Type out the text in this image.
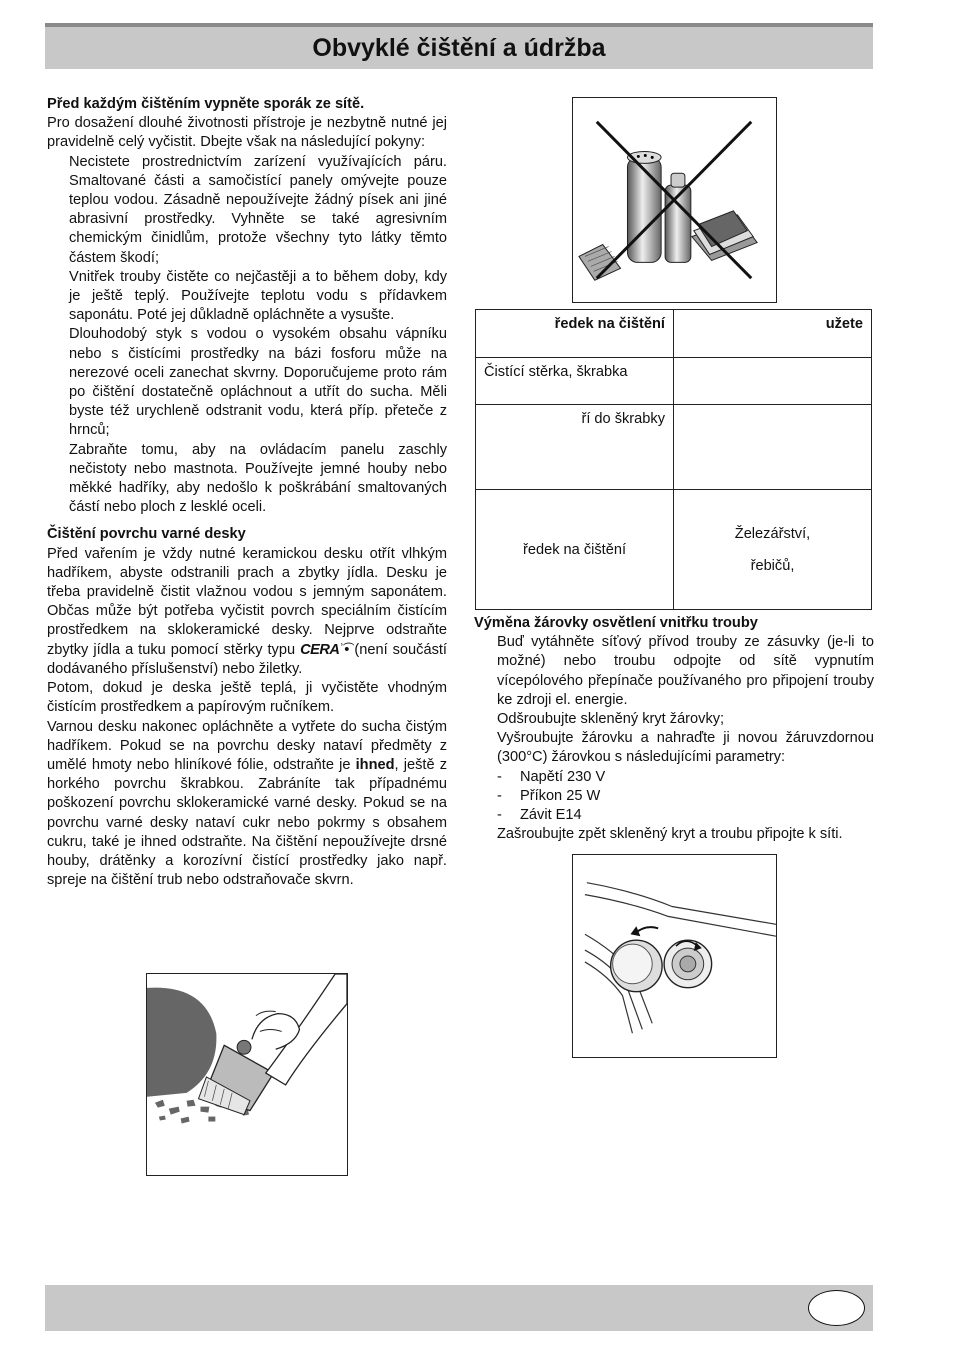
Obvyklé čištění a údržba

Před každým čištěním vypněte sporák ze sítě.

Pro dosažení dlouhé životnosti přístroje je nezbytně nutné jej pravidelně celý vyčistit. Dbejte však na následující pokyny:

Necistete prostrednictvím zarízení využívajících páru. Smaltované části a samočistící panely omývejte pouze teplou vodou. Zásadně nepoužívejte žádný písek ani jiné abrasivní prostředky. Vyhněte se také agresivním chemickým činidlům, protože všechny tyto látky těmto částem škodí;

Vnitřek trouby čistěte co nejčastěji a to během doby, kdy je ještě teplý. Používejte teplotu vodu s přídavkem saponátu. Poté jej důkladně opláchněte a vysušte.

Dlouhodobý styk s vodou o vysokém obsahu vápníku nebo s čistícími prostředky na bázi fosforu může na nerezové oceli zanechat skvrny. Doporučujeme proto rám po čištění dostatečně opláchnout a utřít do sucha. Měli byste též urychleně odstranit vodu, která příp. přeteče z hrnců;

Zabraňte tomu, aby na ovládacím panelu zaschly nečistoty nebo mastnota. Používejte jemné houby nebo měkké hadříky, aby nedošlo k poškrábání smaltovaných částí nebo ploch z lesklé oceli.

Čištění povrchu varné desky

Před vařením je vždy nutné keramickou desku otřít vlhkým hadříkem, abyste odstranili prach a zbytky jídla. Desku je třeba pravidelně čistit vlažnou vodou s jemným saponátem. Občas může být potřeba vyčistit povrch speciálním čistícím prostředkem na sklokeramické desky. Nejprve odstraňte zbytky jídla a tuku pomocí stěrky typu CERAʾ͡• (není součástí dodávaného příslušenství) nebo žiletky.

Potom, dokud je deska ještě teplá, ji vyčistěte vhodným čistícím prostředkem a papírovým ručníkem.

Varnou desku nakonec opláchněte a vytřete do sucha čistým hadříkem. Pokud se na povrchu desky nataví předměty z umělé hmoty nebo hliníkové fólie, odstraňte je ihned, ještě z horkého povrchu škrabkou. Zabráníte tak případnému poškození povrchu sklokeramické varné desky. Pokud se na povrchu varné desky nataví cukr nebo pokrmy s obsahem cukru, také je ihned odstraňte. Na čištění nepoužívejte drsné houby, drátěnky a korozívní čistící prostředky jako např. spreje na čištění trub nebo odstraňovače skvrn.

ředek na čištění	užete
Čistící stěrka, škrabka	
ří do škrabky	
ředek na čištění	Železářství,

řebičů,

Výměna žárovky osvětlení vnitřku trouby

Buď vytáhněte síťový přívod trouby ze zásuvky (je-li to možné) nebo troubu odpojte od sítě vypnutím vícepólového přepínače používaného pro připojení trouby ke zdroji el. energie.

Odšroubujte skleněný kryt žárovky;

Vyšroubujte žárovku a nahraďte ji novou žáruvzdornou (300°C) žárovkou s následujícími parametry:

-	Napětí 230 V
-	Příkon 25 W
-	Závit E14

Zašroubujte zpět skleněný kryt a troubu připojte k síti.
